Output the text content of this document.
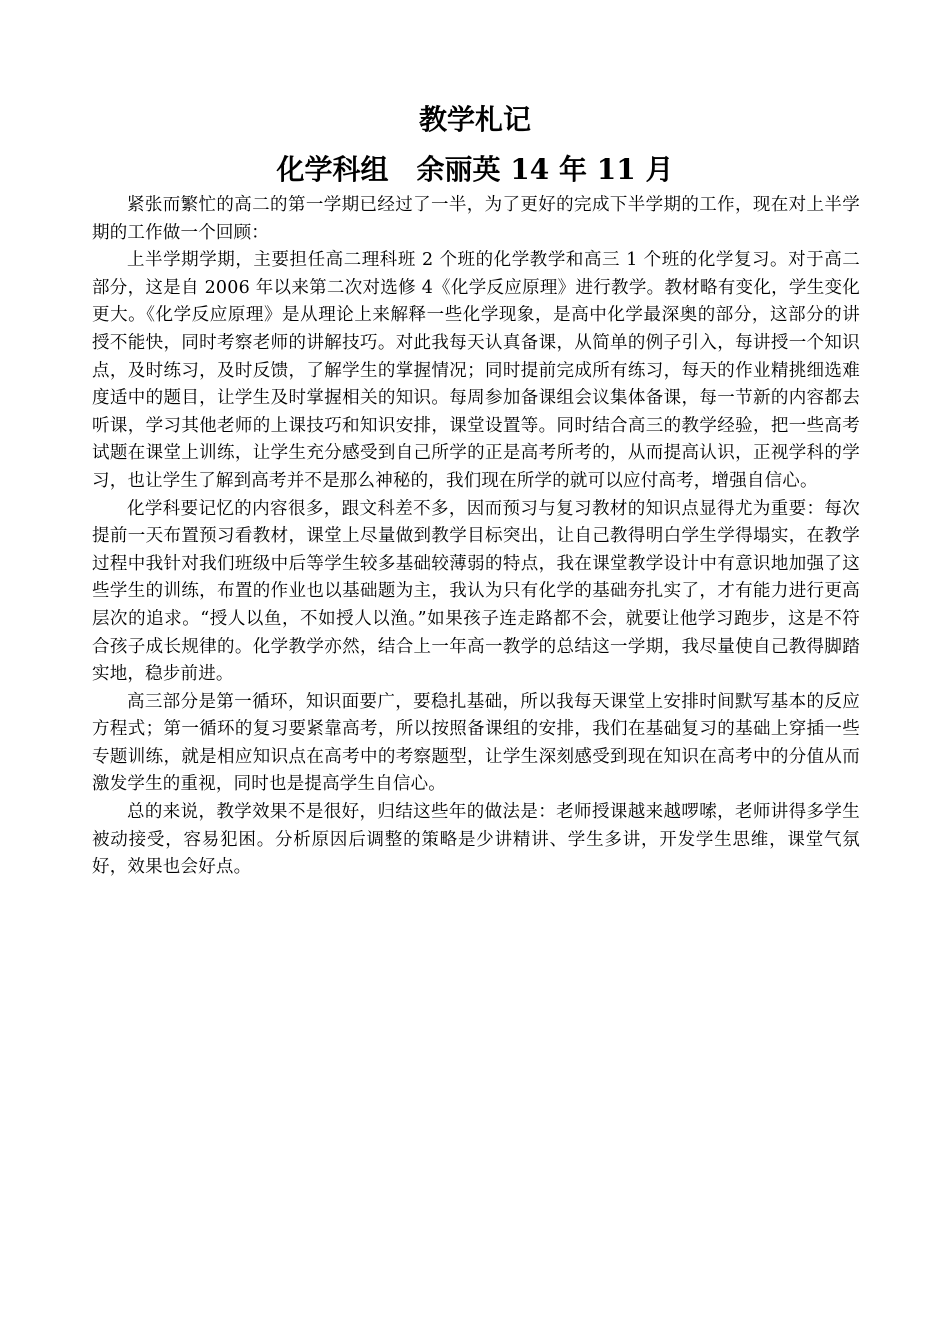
教学札记
化学科组 余丽英 14 年 11 月

紧张而繁忙的高二的第一学期已经过了一半，为了更好的完成下半学期的工作，现在对上半学期的工作做一个回顾：

上半学期学期，主要担任高二理科班 2 个班的化学教学和高三 1 个班的化学复习。对于高二部分，这是自 2006 年以来第二次对选修 4《化学反应原理》进行教学。教材略有变化，学生变化更大。《化学反应原理》是从理论上来解释一些化学现象，是高中化学最深奥的部分，这部分的讲授不能快，同时考察老师的讲解技巧。对此我每天认真备课，从简单的例子引入，每讲授一个知识点，及时练习，及时反馈，了解学生的掌握情况；同时提前完成所有练习，每天的作业精挑细选难度适中的题目，让学生及时掌握相关的知识。每周参加备课组会议集体备课，每一节新的内容都去听课，学习其他老师的上课技巧和知识安排，课堂设置等。同时结合高三的教学经验，把一些高考试题在课堂上训练，让学生充分感受到自己所学的正是高考所考的，从而提高认识，正视学科的学习，也让学生了解到高考并不是那么神秘的，我们现在所学的就可以应付高考，增强自信心。

化学科要记忆的内容很多，跟文科差不多，因而预习与复习教材的知识点显得尤为重要：每次提前一天布置预习看教材，课堂上尽量做到教学目标突出，让自己教得明白学生学得塌实，在教学过程中我针对我们班级中后等学生较多基础较薄弱的特点，我在课堂教学设计中有意识地加强了这些学生的训练，布置的作业也以基础题为主，我认为只有化学的基础夯扎实了，才有能力进行更高层次的追求。“授人以鱼，不如授人以渔。”如果孩子连走路都不会，就要让他学习跑步，这是不符合孩子成长规律的。化学教学亦然，结合上一年高一教学的总结这一学期，我尽量使自己教得脚踏实地，稳步前进。

高三部分是第一循环，知识面要广，要稳扎基础，所以我每天课堂上安排时间默写基本的反应方程式；第一循环的复习要紧靠高考，所以按照备课组的安排，我们在基础复习的基础上穿插一些专题训练，就是相应知识点在高考中的考察题型，让学生深刻感受到现在知识在高考中的分值从而激发学生的重视，同时也是提高学生自信心。

总的来说，教学效果不是很好，归结这些年的做法是：老师授课越来越啰嗦，老师讲得多学生被动接受，容易犯困。分析原因后调整的策略是少讲精讲、学生多讲，开发学生思维，课堂气氛好，效果也会好点。
